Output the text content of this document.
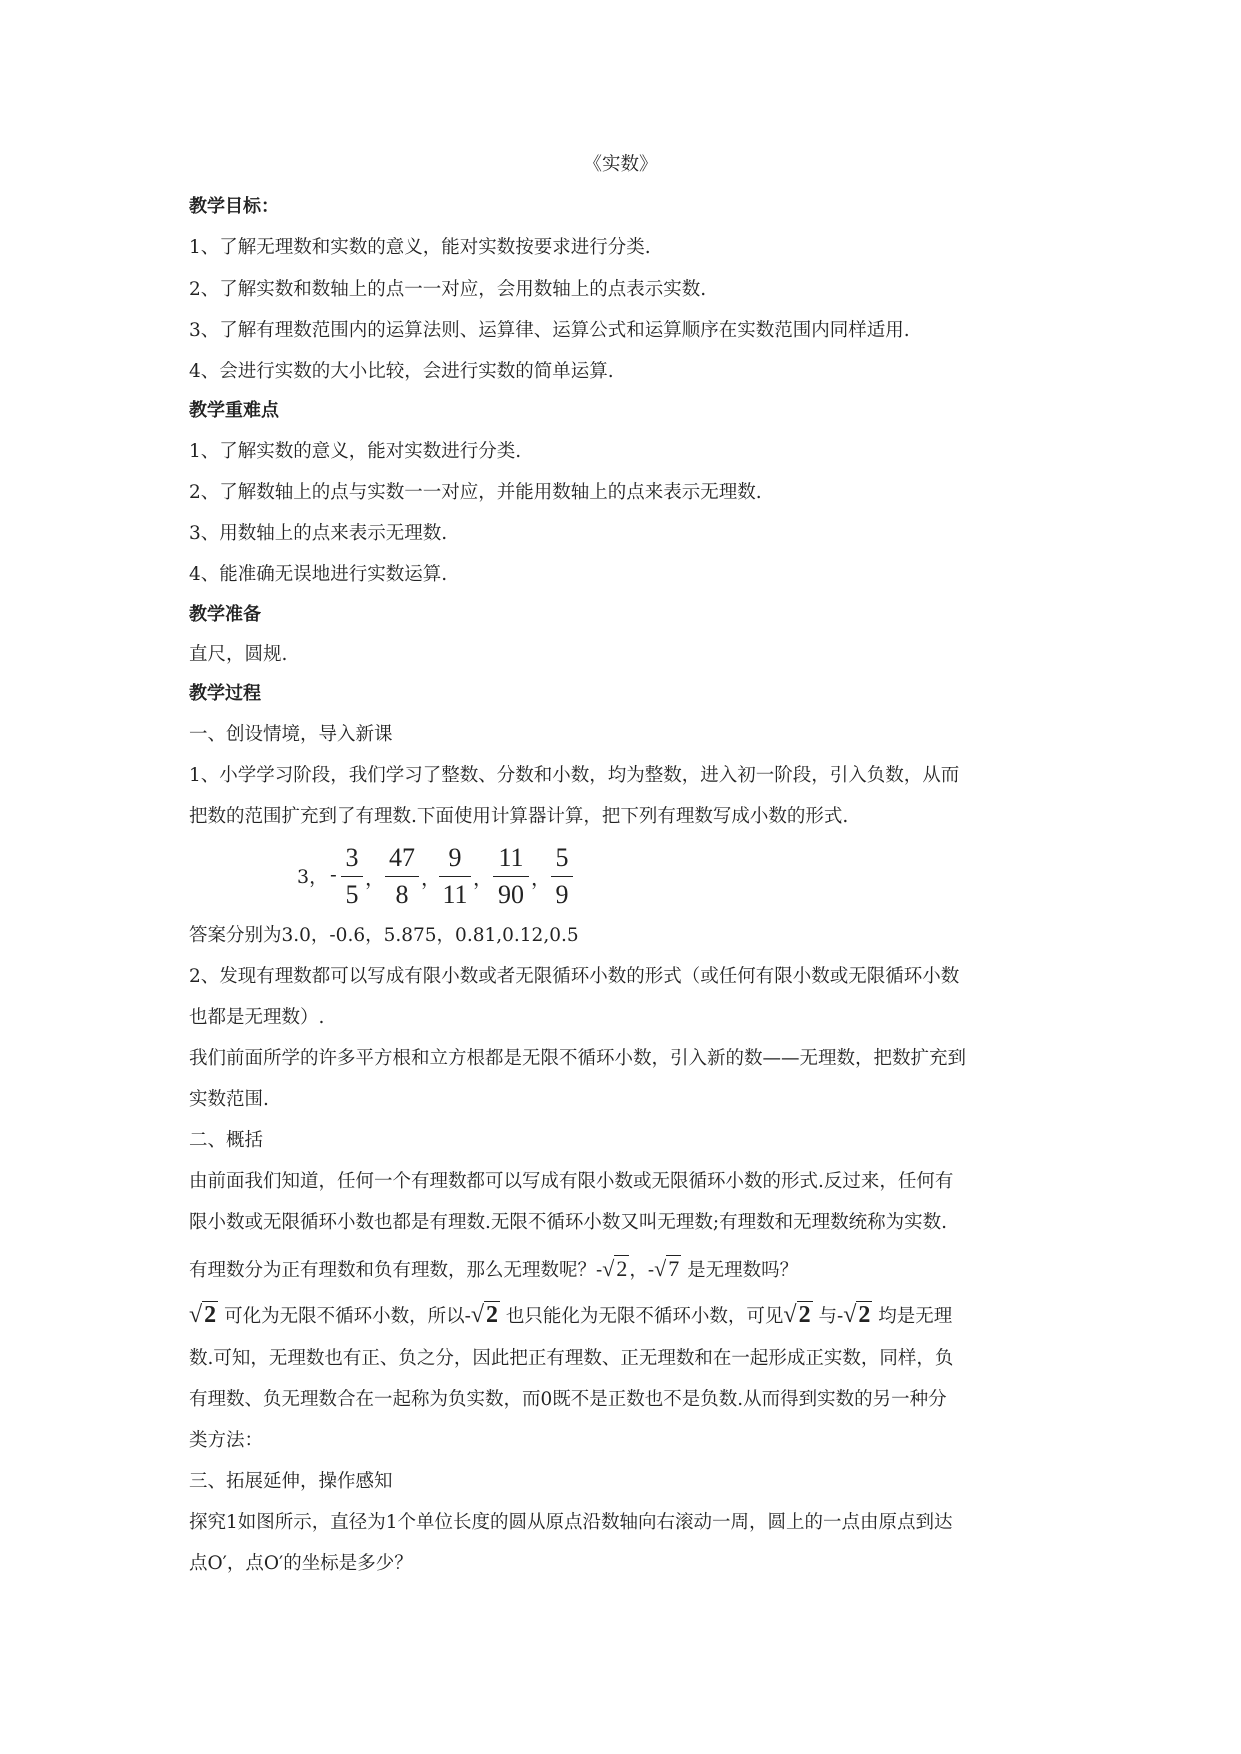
《实数》
教学目标：
1、了解无理数和实数的意义，能对实数按要求进行分类.
2、了解实数和数轴上的点一一对应，会用数轴上的点表示实数.
3、了解有理数范围内的运算法则、运算律、运算公式和运算顺序在实数范围内同样适用.
4、会进行实数的大小比较，会进行实数的简单运算.
教学重难点
1、了解实数的意义，能对实数进行分类.
2、了解数轴上的点与实数一一对应，并能用数轴上的点来表示无理数.
3、用数轴上的点来表示无理数.
4、能准确无误地进行实数运算.
教学准备
直尺，圆规.
教学过程
一、创设情境，导入新课
1、小学学习阶段，我们学习了整数、分数和小数，均为整数，进入初一阶段，引入负数，从而
把数的范围扩充到了有理数.下面使用计算器计算，把下列有理数写成小数的形式.
3， -
3
5
，
47
8
，
9
11
，
11
90
，
5
9
答案分别为3.0，-0.6，5.875，0.81,0.12,0.5
2、发现有理数都可以写成有限小数或者无限循环小数的形式（或任何有限小数或无限循环小数
也都是无理数）.
我们前面所学的许多平方根和立方根都是无限不循环小数，引入新的数——无理数，把数扩充到
实数范围.
二、概括
由前面我们知道，任何一个有理数都可以写成有限小数或无限循环小数的形式.反过来，任何有
限小数或无限循环小数也都是有理数.无限不循环小数又叫无理数;有理数和无理数统称为实数.
有理数分为正有理数和负有理数，那么无理数呢？-√2 ，-√7 是无理数吗？
√2 可化为无限不循环小数，所以-√2 也只能化为无限不循环小数，可见√2 与-√2 均是无理
数.可知，无理数也有正、负之分，因此把正有理数、正无理数和在一起形成正实数，同样，负
有理数、负无理数合在一起称为负实数，而0既不是正数也不是负数.从而得到实数的另一种分
类方法：
三、拓展延伸，操作感知
探究1如图所示，直径为1个单位长度的圆从原点沿数轴向右滚动一周，圆上的一点由原点到达
点O′，点O′的坐标是多少？
